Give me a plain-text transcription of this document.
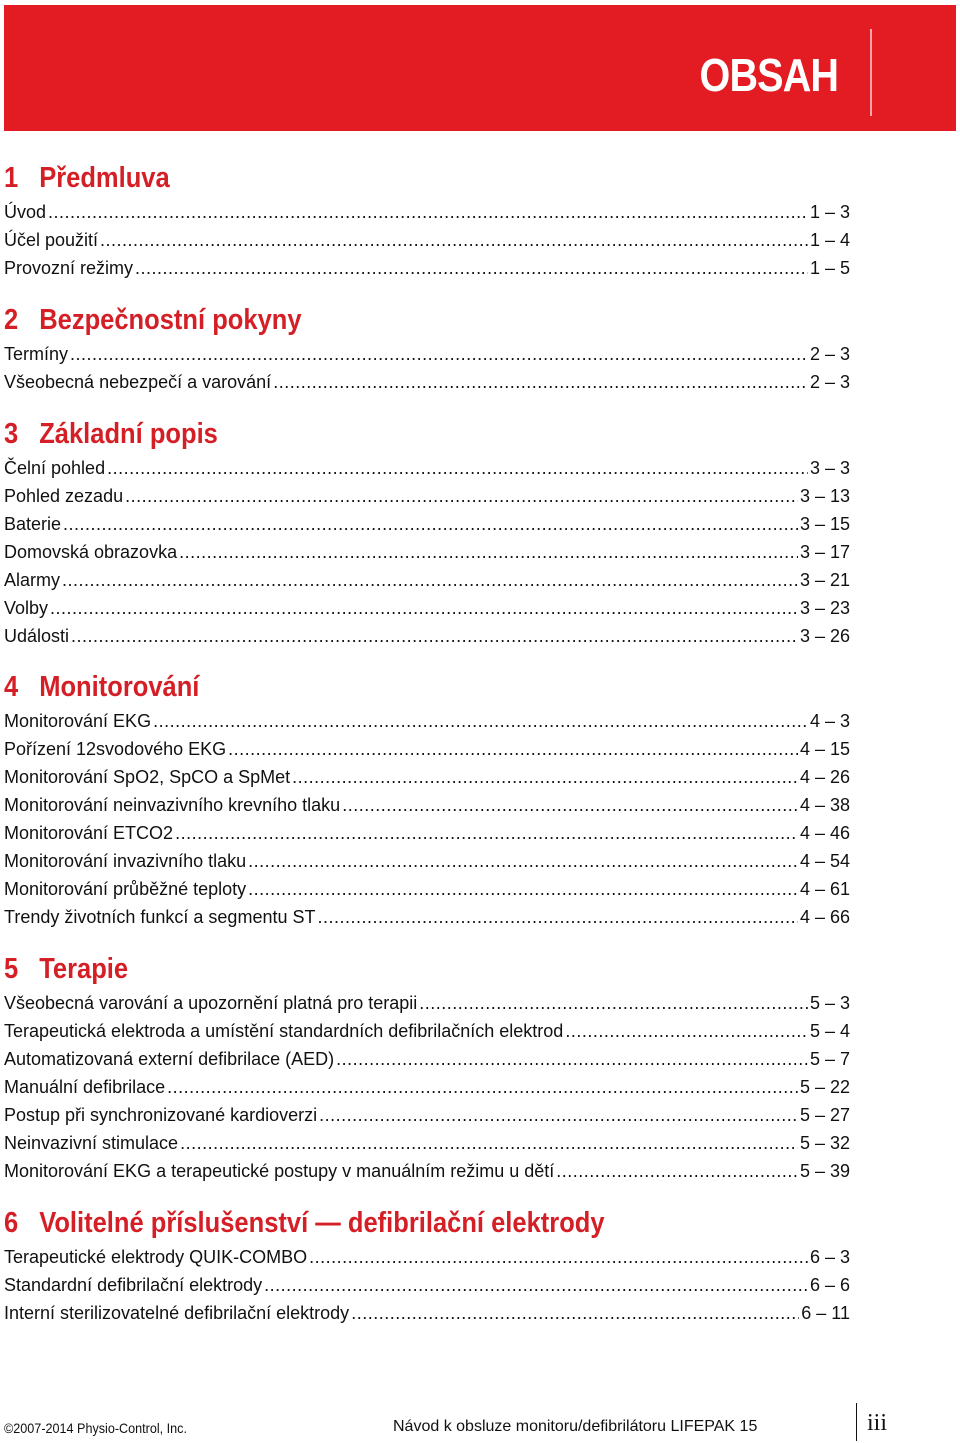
OBSAH
1 Předmluva
Úvod .....	1 – 3
Účel použití .....	1 – 4
Provozní režimy .....	1 – 5
2 Bezpečnostní pokyny
Termíny .....	2 – 3
Všeobecná nebezpečí a varování .....	2 – 3
3 Základní popis
Čelní pohled .....	3 – 3
Pohled zezadu .....	3 – 13
Baterie .....	3 – 15
Domovská obrazovka .....	3 – 17
Alarmy .....	3 – 21
Volby .....	3 – 23
Události .....	3 – 26
4 Monitorování
Monitorování EKG .....	4 – 3
Pořízení 12svodového EKG .....	4 – 15
Monitorování SpO2, SpCO a SpMet .....	4 – 26
Monitorování neinvazivního krevního tlaku .....	4 – 38
Monitorování ETCO2 .....	4 – 46
Monitorování invazivního tlaku .....	4 – 54
Monitorování průběžné teploty .....	4 – 61
Trendy životních funkcí a segmentu ST .....	4 – 66
5 Terapie
Všeobecná varování a upozornění platná pro terapii .....	5 – 3
Terapeutická elektroda a umístění standardních defibrilačních elektrod .....	5 – 4
Automatizovaná externí defibrilace (AED) .....	5 – 7
Manuální defibrilace .....	5 – 22
Postup při synchronizované kardioverzi .....	5 – 27
Neinvazivní stimulace .....	5 – 32
Monitorování EKG a terapeutické postupy v manuálním režimu u dětí .....	5 – 39
6 Volitelné příslušenství — defibrilační elektrody
Terapeutické elektrody QUIK-COMBO .....	6 – 3
Standardní defibrilační elektrody .....	6 – 6
Interní sterilizovatelné defibrilační elektrody .....	6 – 11
©2007-2014 Physio-Control, Inc.	Návod k obsluze monitoru/defibrilátoru LIFEPAK 15	iii
